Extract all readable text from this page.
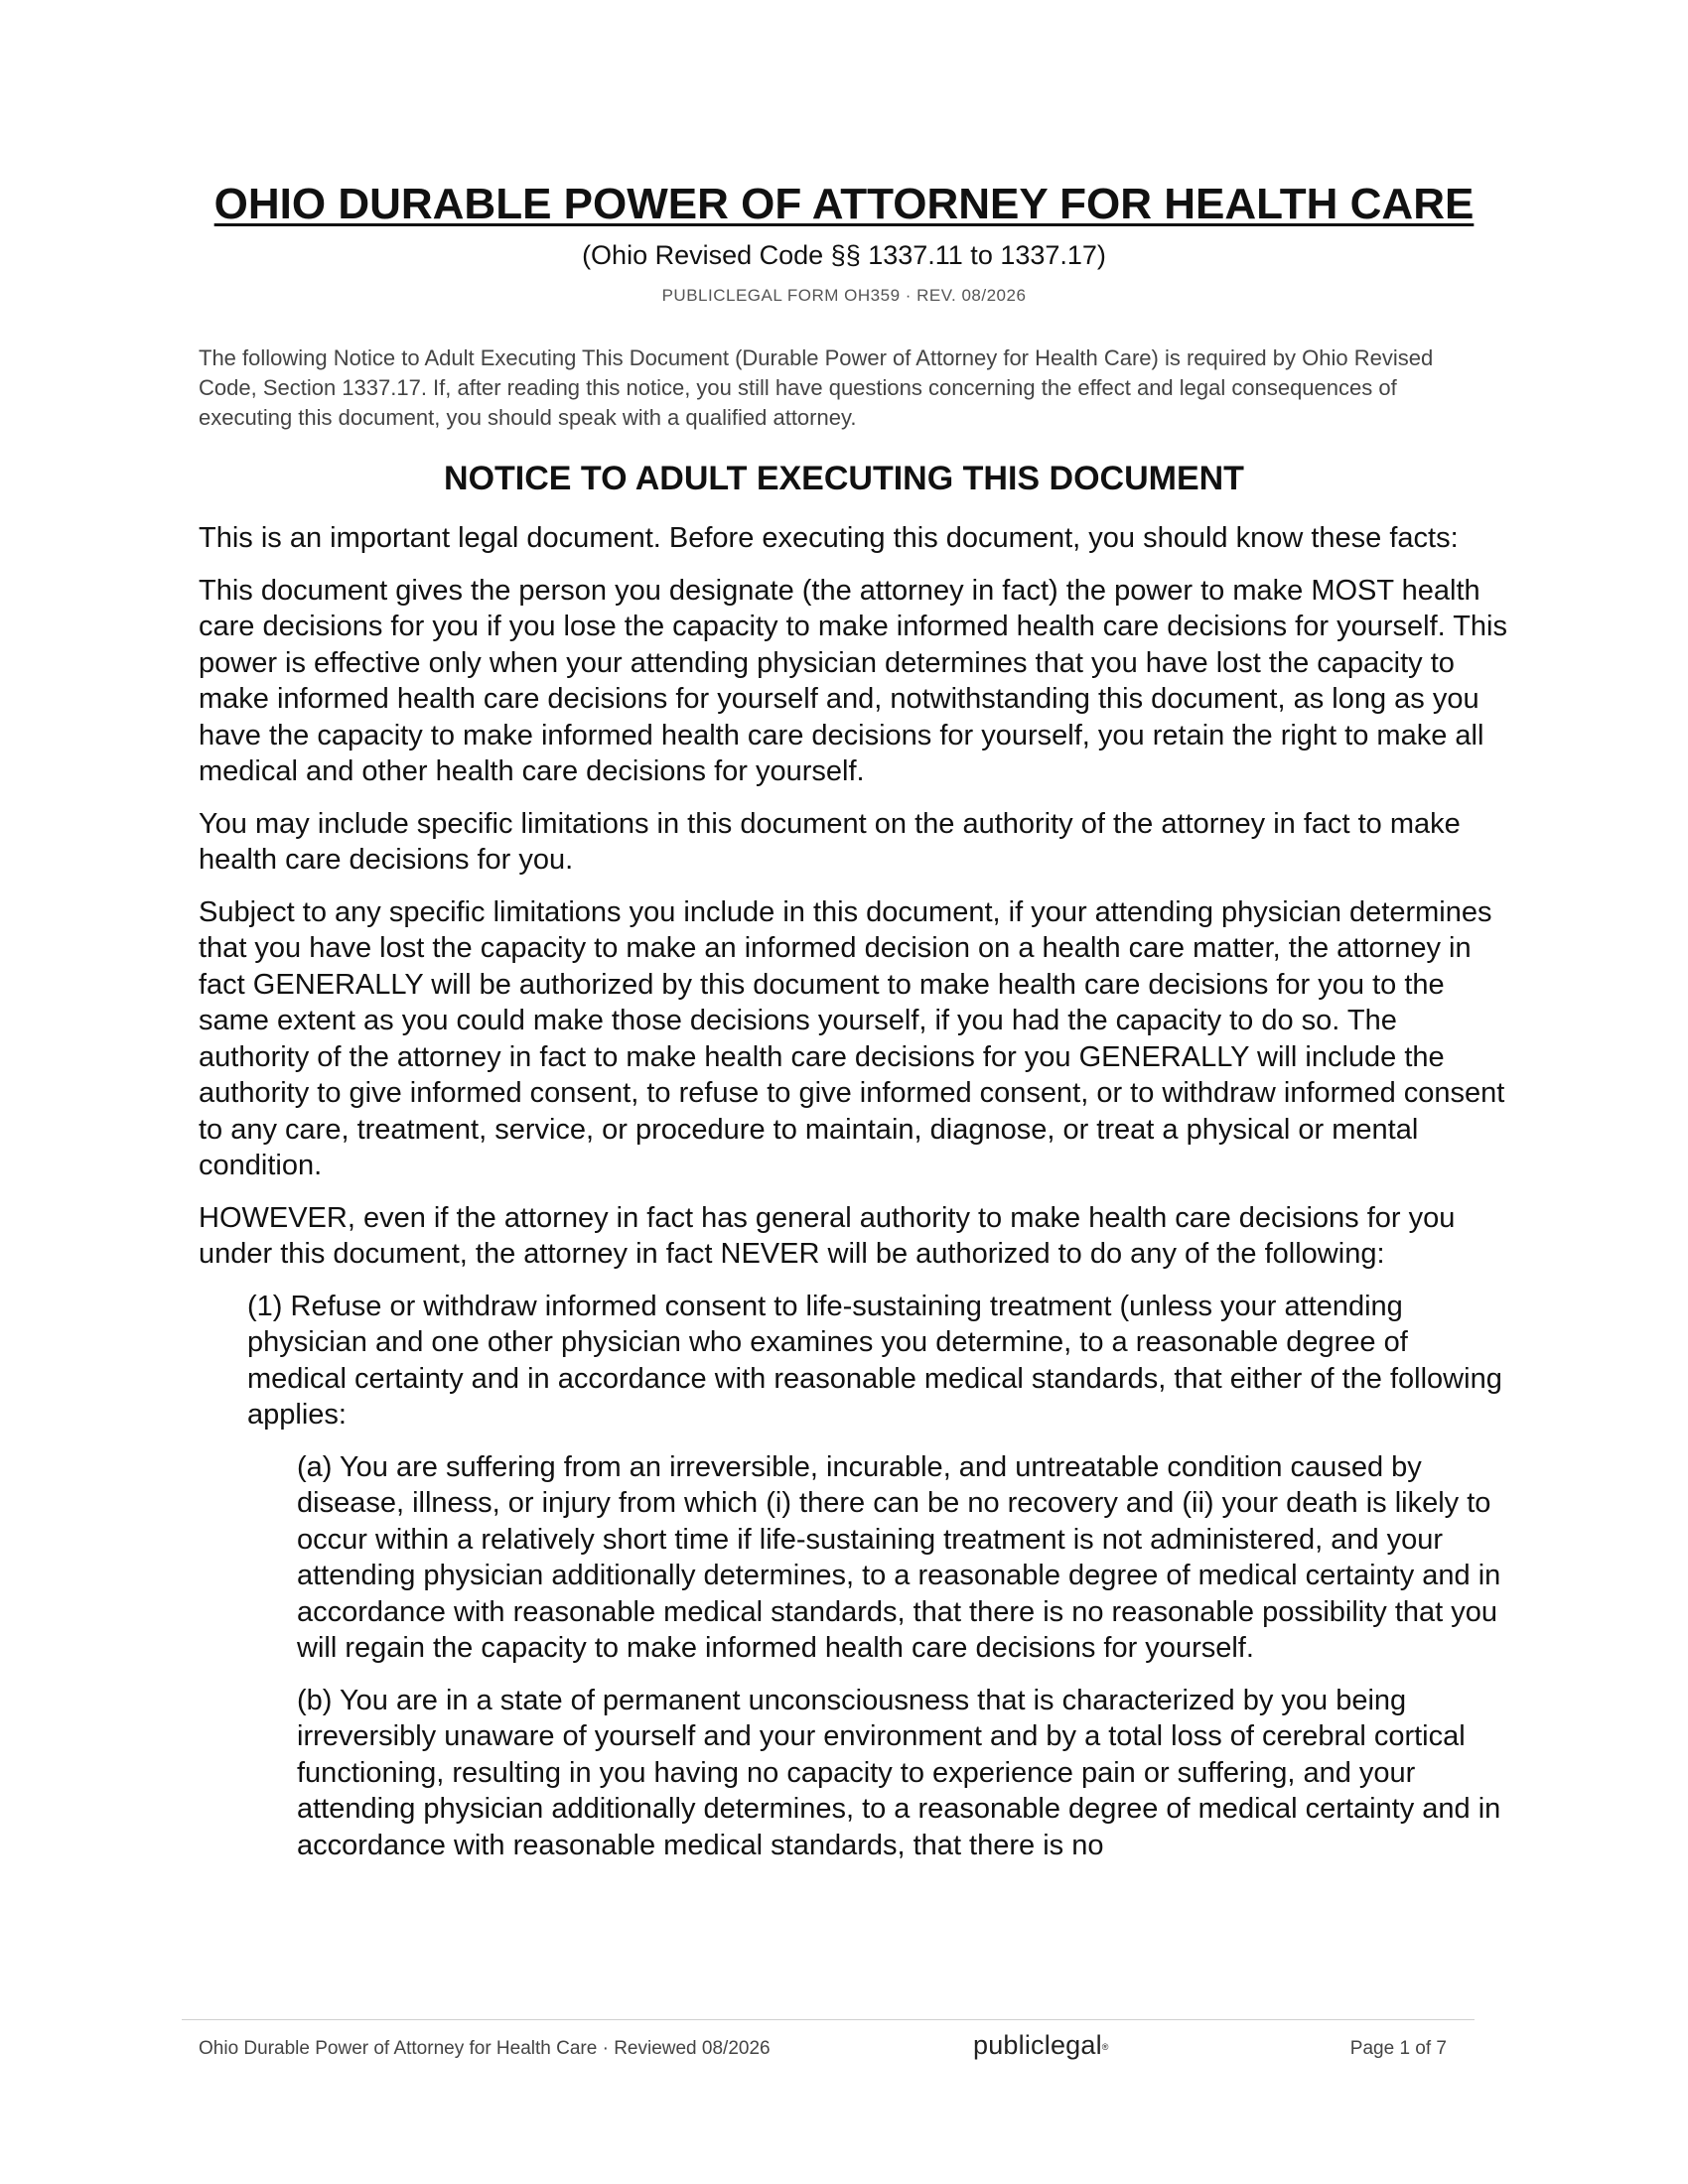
OHIO DURABLE POWER OF ATTORNEY FOR HEALTH CARE
(Ohio Revised Code §§ 1337.11 to 1337.17)
PUBLICLEGAL FORM OH359 · REV. 08/2026

The following Notice to Adult Executing This Document (Durable Power of Attorney for Health Care) is required by Ohio Revised Code, Section 1337.17. If, after reading this notice, you still have questions concerning the effect and legal consequences of executing this document, you should speak with a qualified attorney.

NOTICE TO ADULT EXECUTING THIS DOCUMENT

This is an important legal document. Before executing this document, you should know these facts:

This document gives the person you designate (the attorney in fact) the power to make MOST health care decisions for you if you lose the capacity to make informed health care decisions for yourself. This power is effective only when your attending physician determines that you have lost the capacity to make informed health care decisions for yourself and, notwithstanding this document, as long as you have the capacity to make informed health care decisions for yourself, you retain the right to make all medical and other health care decisions for yourself.

You may include specific limitations in this document on the authority of the attorney in fact to make health care decisions for you.

Subject to any specific limitations you include in this document, if your attending physician determines that you have lost the capacity to make an informed decision on a health care matter, the attorney in fact GENERALLY will be authorized by this document to make health care decisions for you to the same extent as you could make those decisions yourself, if you had the capacity to do so. The authority of the attorney in fact to make health care decisions for you GENERALLY will include the authority to give informed consent, to refuse to give informed consent, or to withdraw informed consent to any care, treatment, service, or procedure to maintain, diagnose, or treat a physical or mental condition.

HOWEVER, even if the attorney in fact has general authority to make health care decisions for you under this document, the attorney in fact NEVER will be authorized to do any of the following:

(1) Refuse or withdraw informed consent to life-sustaining treatment (unless your attending physician and one other physician who examines you determine, to a reasonable degree of medical certainty and in accordance with reasonable medical standards, that either of the following applies:

(a) You are suffering from an irreversible, incurable, and untreatable condition caused by disease, illness, or injury from which (i) there can be no recovery and (ii) your death is likely to occur within a relatively short time if life-sustaining treatment is not administered, and your attending physician additionally determines, to a reasonable degree of medical certainty and in accordance with reasonable medical standards, that there is no reasonable possibility that you will regain the capacity to make informed health care decisions for yourself.

(b) You are in a state of permanent unconsciousness that is characterized by you being irreversibly unaware of yourself and your environment and by a total loss of cerebral cortical functioning, resulting in you having no capacity to experience pain or suffering, and your attending physician additionally determines, to a reasonable degree of medical certainty and in accordance with reasonable medical standards, that there is no

Ohio Durable Power of Attorney for Health Care · Reviewed 08/2026	publiclegal®	Page 1 of 7
